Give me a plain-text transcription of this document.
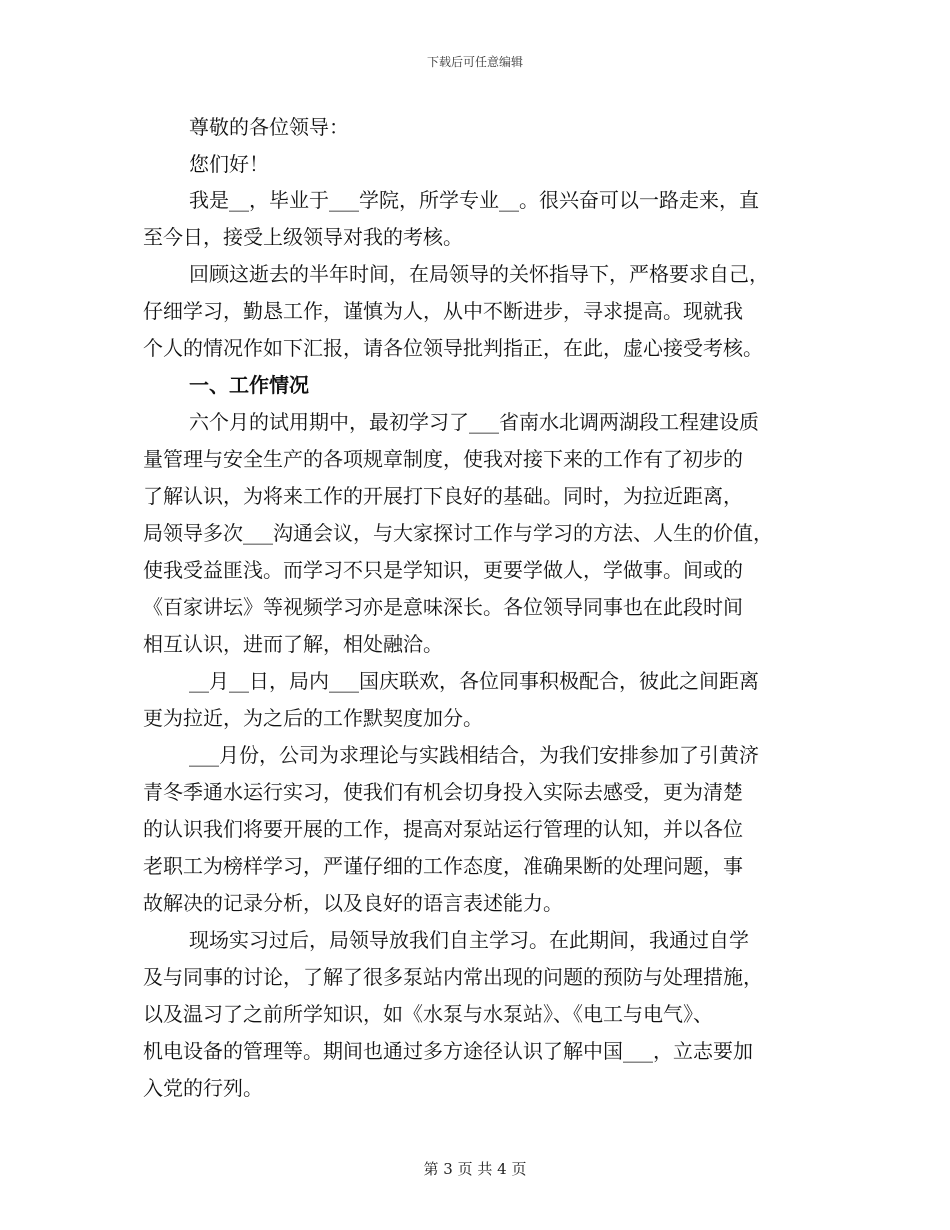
下载后可任意编辑
尊敬的各位领导：
您们好！
我是__，毕业于___学院，所学专业__。很兴奋可以一路走来，直
至今日，接受上级领导对我的考核。
回顾这逝去的半年时间，在局领导的关怀指导下，严格要求自己，
仔细学习，勤恳工作，谨慎为人，从中不断进步，寻求提高。现就我
个人的情况作如下汇报，请各位领导批判指正，在此，虚心接受考核。
一、工作情况
六个月的试用期中，最初学习了___省南水北调两湖段工程建设质
量管理与安全生产的各项规章制度，使我对接下来的工作有了初步的
了解认识，为将来工作的开展打下良好的基础。同时，为拉近距离，
局领导多次___沟通会议，与大家探讨工作与学习的方法、人生的价值，
使我受益匪浅。而学习不只是学知识，更要学做人，学做事。间或的
《百家讲坛》等视频学习亦是意味深长。各位领导同事也在此段时间
相互认识，进而了解，相处融洽。
__月__日，局内___国庆联欢，各位同事积极配合，彼此之间距离
更为拉近，为之后的工作默契度加分。
___月份，公司为求理论与实践相结合，为我们安排参加了引黄济
青冬季通水运行实习，使我们有机会切身投入实际去感受，更为清楚
的认识我们将要开展的工作，提高对泵站运行管理的认知，并以各位
老职工为榜样学习，严谨仔细的工作态度，准确果断的处理问题，事
故解决的记录分析，以及良好的语言表述能力。
现场实习过后，局领导放我们自主学习。在此期间，我通过自学
及与同事的讨论，了解了很多泵站内常出现的问题的预防与处理措施，
以及温习了之前所学知识，如《水泵与水泵站》、《电工与电气》、
机电设备的管理等。期间也通过多方途径认识了解中国___，立志要加
入党的行列。
第 3 页 共 4 页
